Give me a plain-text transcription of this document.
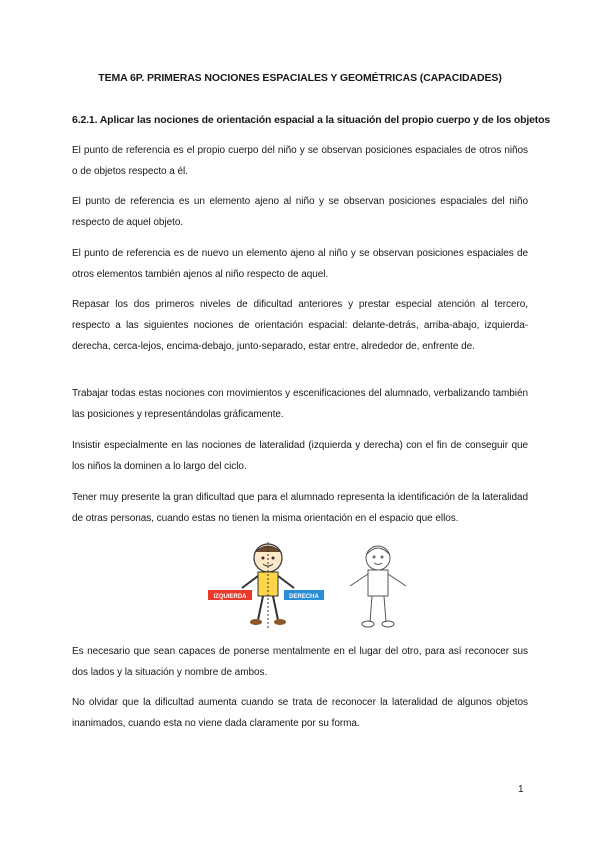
TEMA 6P. PRIMERAS NOCIONES ESPACIALES Y GEOMÉTRICAS (CAPACIDADES)
6.2.1. Aplicar las nociones de orientación espacial a la situación del propio cuerpo y de los objetos
El punto de referencia es el propio cuerpo del niño y se observan posiciones espaciales de otros niños o de objetos respecto a él.
El punto de referencia es un elemento ajeno al niño y se observan posiciones espaciales del niño respecto de aquel objeto.
El punto de referencia es de nuevo un elemento ajeno al niño y se observan posiciones espaciales de otros elementos también ajenos al niño respecto de aquel.
Repasar los dos primeros niveles de dificultad anteriores y prestar especial atención al tercero, respecto a las siguientes nociones de orientación espacial: delante-detrás, arriba-abajo, izquierda-derecha, cerca-lejos, encima-debajo, junto-separado, estar entre, alrededor de, enfrente de.
Trabajar todas estas nociones con movimientos y escenificaciones del alumnado, verbalizando también las posiciones y representándolas gráficamente.
Insistir especialmente en las nociones de lateralidad (izquierda y derecha) con el fin de conseguir que los niños la dominen a lo largo del ciclo.
Tener muy presente la gran dificultad que para el alumnado representa la identificación de la lateralidad de otras personas, cuando estas no tienen la misma orientación en el espacio que ellos.
IZQUIERDA	DERECHA
Es necesario que sean capaces de ponerse mentalmente en el lugar del otro, para así reconocer sus dos lados y la situación y nombre de ambos.
No olvidar que la dificultad aumenta cuando se trata de reconocer la lateralidad de algunos objetos inanimados, cuando esta no viene dada claramente por su forma.
1
